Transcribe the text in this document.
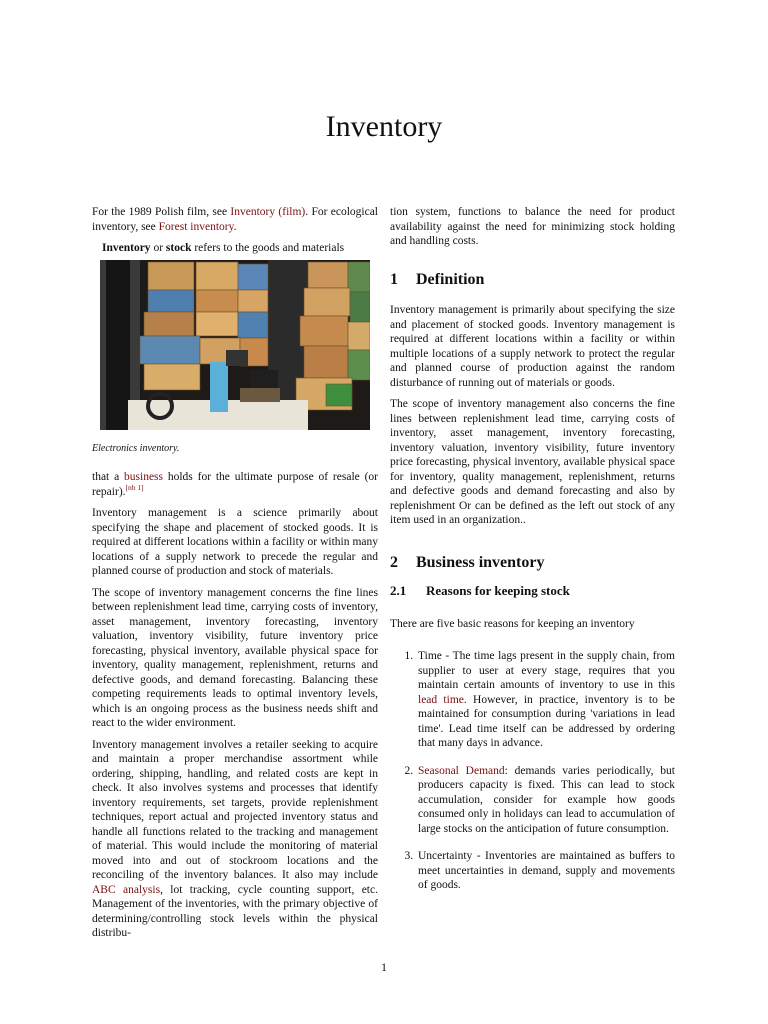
Inventory

For the 1989 Polish film, see Inventory (film). For ecological inventory, see Forest inventory.

Inventory or stock refers to the goods and materials

Electronics inventory.

that a business holds for the ultimate purpose of resale (or repair).[nb 1]

Inventory management is a science primarily about specifying the shape and placement of stocked goods. It is required at different locations within a facility or within many locations of a supply network to precede the regular and planned course of production and stock of materials.

The scope of inventory management concerns the fine lines between replenishment lead time, carrying costs of inventory, asset management, inventory forecasting, inventory valuation, inventory visibility, future inventory price forecasting, physical inventory, available physical space for inventory, quality management, replenishment, returns and defective goods, and demand forecasting. Balancing these competing requirements leads to optimal inventory levels, which is an ongoing process as the business needs shift and react to the wider environment.

Inventory management involves a retailer seeking to acquire and maintain a proper merchandise assortment while ordering, shipping, handling, and related costs are kept in check. It also involves systems and processes that identify inventory requirements, set targets, provide replenishment techniques, report actual and projected inventory status and handle all functions related to the tracking and management of material. This would include the monitoring of material moved into and out of stockroom locations and the reconciling of the inventory balances. It also may include ABC analysis, lot tracking, cycle counting support, etc. Management of the inventories, with the primary objective of determining/controlling stock levels within the physical distribu-

tion system, functions to balance the need for product availability against the need for minimizing stock holding and handling costs.

1 Definition

Inventory management is primarily about specifying the size and placement of stocked goods. Inventory management is required at different locations within a facility or within multiple locations of a supply network to protect the regular and planned course of production against the random disturbance of running out of materials or goods.

The scope of inventory management also concerns the fine lines between replenishment lead time, carrying costs of inventory, asset management, inventory forecasting, inventory valuation, inventory visibility, future inventory price forecasting, physical inventory, available physical space for inventory, quality management, replenishment, returns and defective goods and demand forecasting and also by replenishment Or can be defined as the left out stock of any item used in an organization..

2 Business inventory
2.1 Reasons for keeping stock

There are five basic reasons for keeping an inventory

1. Time - The time lags present in the supply chain, from supplier to user at every stage, requires that you maintain certain amounts of inventory to use in this lead time. However, in practice, inventory is to be maintained for consumption during 'variations in lead time'. Lead time itself can be addressed by ordering that many days in advance.
2. Seasonal Demand: demands varies periodically, but producers capacity is fixed. This can lead to stock accumulation, consider for example how goods consumed only in holidays can lead to accumulation of large stocks on the anticipation of future consumption.
3. Uncertainty - Inventories are maintained as buffers to meet uncertainties in demand, supply and movements of goods.
1
